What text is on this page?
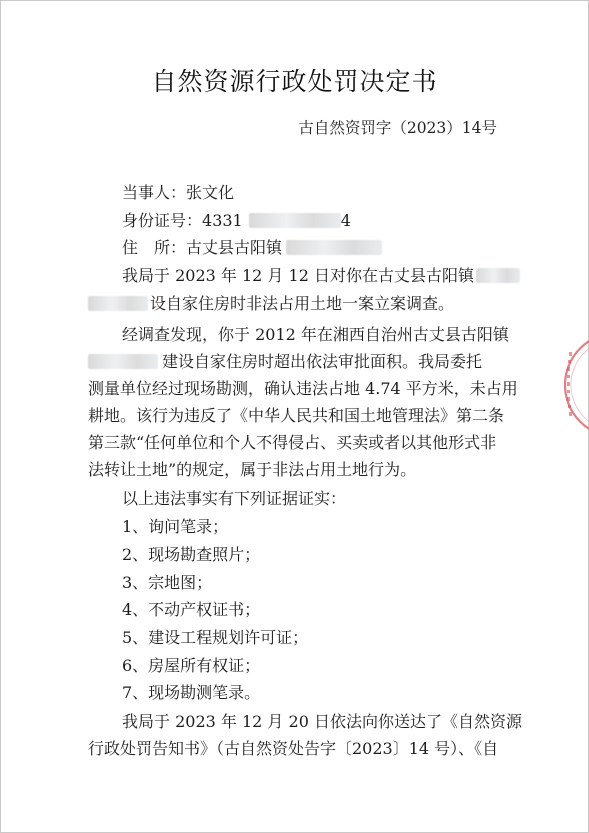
自然资源行政处罚决定书
古自然资罚字（2023）14号
当事人：张文化
身份证号：4331	4
住　所：古丈县古阳镇
我局于 2023 年 12 月 12 日对你在古丈县古阳镇
设自家住房时非法占用土地一案立案调查。
经调查发现，你于 2012 年在湘西自治州古丈县古阳镇
建设自家住房时超出依法审批面积。我局委托
测量单位经过现场勘测，确认违法占地 4.74 平方米，未占用
耕地。该行为违反了《中华人民共和国土地管理法》第二条
第三款“任何单位和个人不得侵占、买卖或者以其他形式非
法转让土地”的规定，属于非法占用土地行为。
以上违法事实有下列证据证实：
1、询问笔录；
2、现场勘查照片；
3、宗地图；
4、不动产权证书；
5、建设工程规划许可证；
6、房屋所有权证；
7、现场勘测笔录。
我局于 2023 年 12 月 20 日依法向你送达了《自然资源
行政处罚告知书》（古自然资处告字〔2023〕14 号）、《自
